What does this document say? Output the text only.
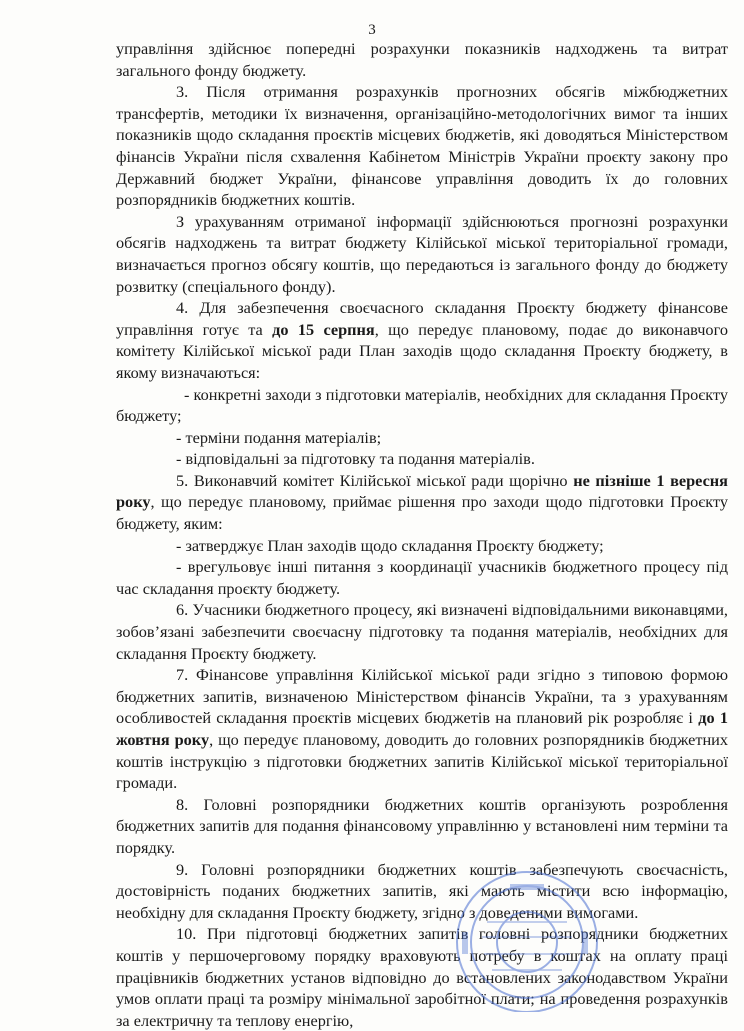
3

управління здійснює попередні розрахунки показників надходжень та витрат загального фонду бюджету.

3. Після отримання розрахунків прогнозних обсягів міжбюджетних трансфертів, методики їх визначення, організаційно-методологічних вимог та інших показників щодо складання проєктів місцевих бюджетів, які доводяться Міністерством фінансів України після схвалення Кабінетом Міністрів України проєкту закону про Державний бюджет України, фінансове управління доводить їх до головних розпорядників бюджетних коштів.

З урахуванням отриманої інформації здійснюються прогнозні розрахунки обсягів надходжень та витрат бюджету Кілійської міської територіальної громади, визначається прогноз обсягу коштів, що передаються із загального фонду до бюджету розвитку (спеціального фонду).

4. Для забезпечення своєчасного складання Проєкту бюджету фінансове управління готує та до 15 серпня, що передує плановому, подає до виконавчого комітету Кілійської міської ради План заходів щодо складання Проєкту бюджету, в якому визначаються:

- конкретні заходи з підготовки матеріалів, необхідних для складання Проєкту бюджету;

- терміни подання матеріалів;

- відповідальні за підготовку та подання матеріалів.

5. Виконавчий комітет Кілійської міської ради щорічно не пізніше 1 вересня року, що передує плановому, приймає рішення про заходи щодо підготовки Проєкту бюджету, яким:

- затверджує План заходів щодо складання Проєкту бюджету;

- врегульовує інші питання з координації учасників бюджетного процесу під час складання проєкту бюджету.

6. Учасники бюджетного процесу, які визначені відповідальними виконавцями, зобов’язані забезпечити своєчасну підготовку та подання матеріалів, необхідних для складання Проєкту бюджету.

7. Фінансове управління Кілійської міської ради згідно з типовою формою бюджетних запитів, визначеною Міністерством фінансів України, та з урахуванням особливостей складання проєктів місцевих бюджетів на плановий рік розробляє і до 1 жовтня року, що передує плановому, доводить до головних розпорядників бюджетних коштів інструкцію з підготовки бюджетних запитів Кілійської міської територіальної громади.

8. Головні розпорядники бюджетних коштів організують розроблення бюджетних запитів для подання фінансовому управлінню у встановлені ним терміни та порядку.

9. Головні розпорядники бюджетних коштів забезпечують своєчасність, достовірність поданих бюджетних запитів, які мають містити всю інформацію, необхідну для складання Проєкту бюджету, згідно з доведеними вимогами.

10. При підготовці бюджетних запитів головні розпорядники бюджетних коштів у першочерговому порядку враховують потребу в коштах на оплату праці працівників бюджетних установ відповідно до встановлених законодавством України умов оплати праці та розміру мінімальної заробітної плати; на проведення розрахунків за електричну та теплову енергію,
